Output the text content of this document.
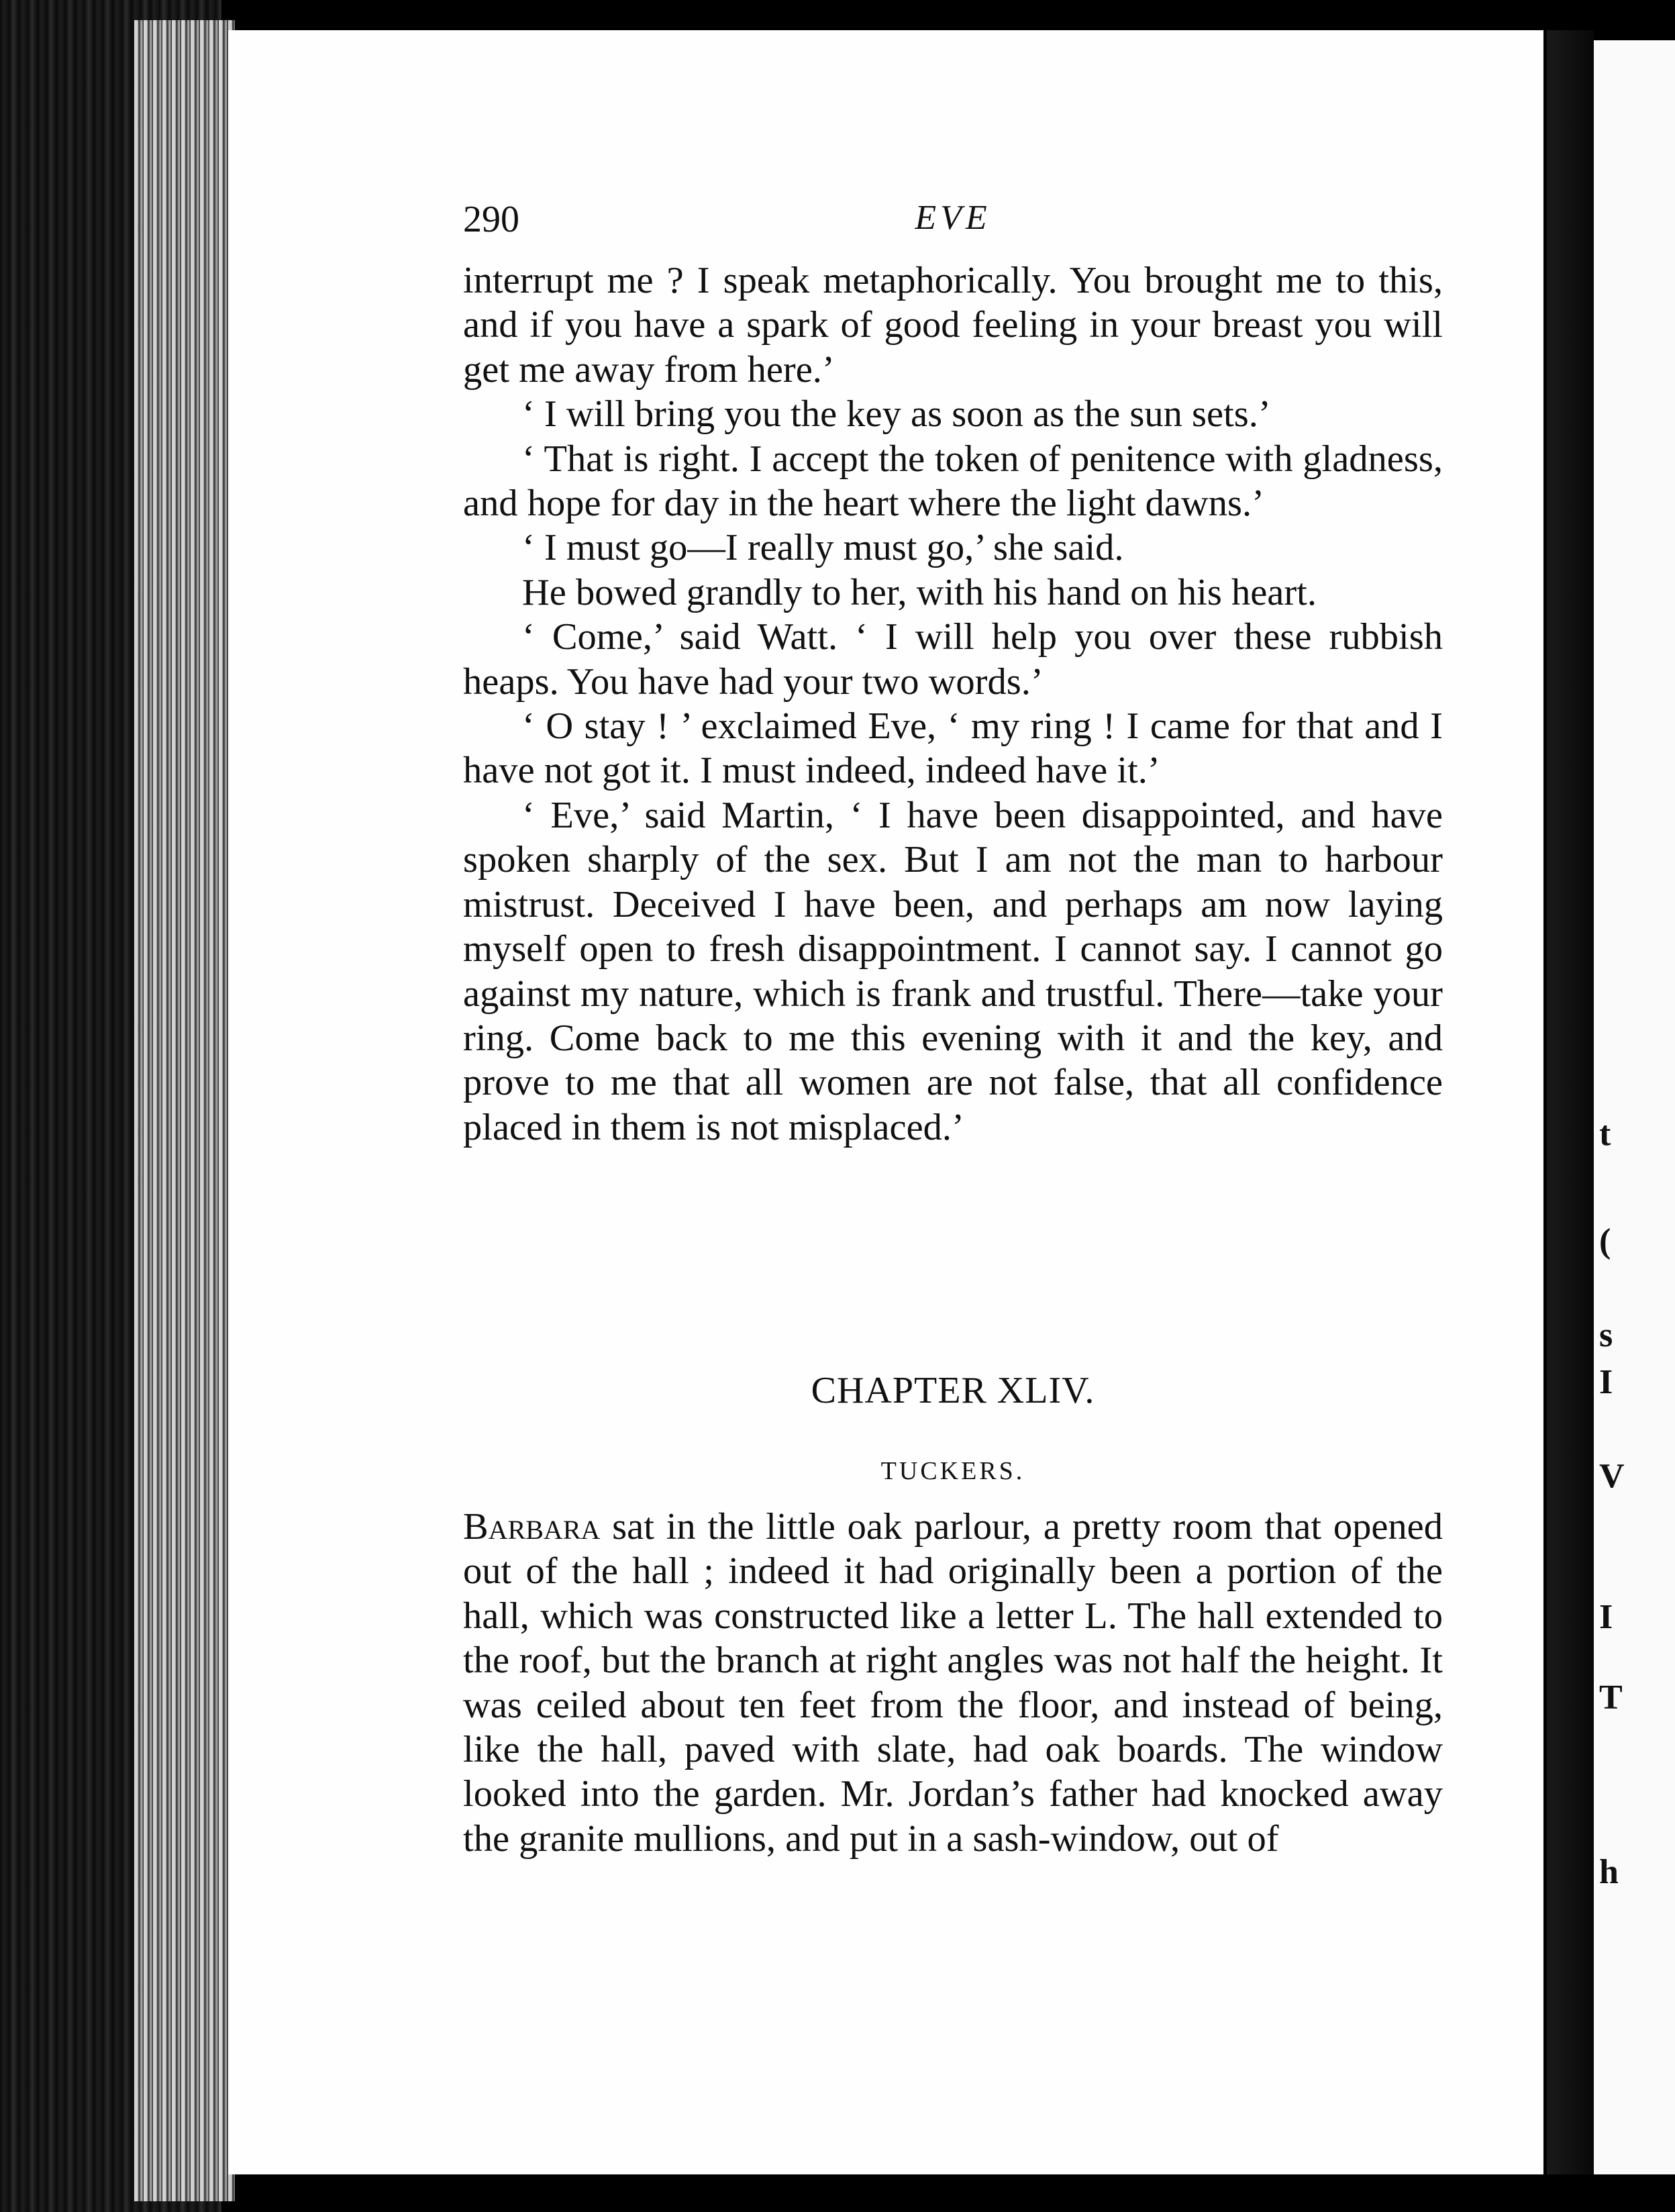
t
(
s
I
V
I
T
h
290	EVE

interrupt me ? I speak metaphorically. You brought me to this, and if you have a spark of good feeling in your breast you will get me away from here.’

‘ I will bring you the key as soon as the sun sets.’

‘ That is right. I accept the token of penitence with gladness, and hope for day in the heart where the light dawns.’

‘ I must go—I really must go,’ she said.

He bowed grandly to her, with his hand on his heart.

‘ Come,’ said Watt. ‘ I will help you over these rubbish heaps. You have had your two words.’

‘ O stay ! ’ exclaimed Eve, ‘ my ring ! I came for that and I have not got it. I must indeed, indeed have it.’

‘ Eve,’ said Martin, ‘ I have been disappointed, and have spoken sharply of the sex. But I am not the man to harbour mistrust. Deceived I have been, and perhaps am now laying myself open to fresh disappointment. I cannot say. I cannot go against my nature, which is frank and trustful. There—take your ring. Come back to me this evening with it and the key, and prove to me that all women are not false, that all confidence placed in them is not misplaced.’

CHAPTER XLIV.
TUCKERS.

Barbara sat in the little oak parlour, a pretty room that opened out of the hall ; indeed it had originally been a portion of the hall, which was constructed like a letter L. The hall extended to the roof, but the branch at right angles was not half the height. It was ceiled about ten feet from the floor, and instead of being, like the hall, paved with slate, had oak boards. The window looked into the garden. Mr. Jordan’s father had knocked away the granite mullions, and put in a sash-window, out of
